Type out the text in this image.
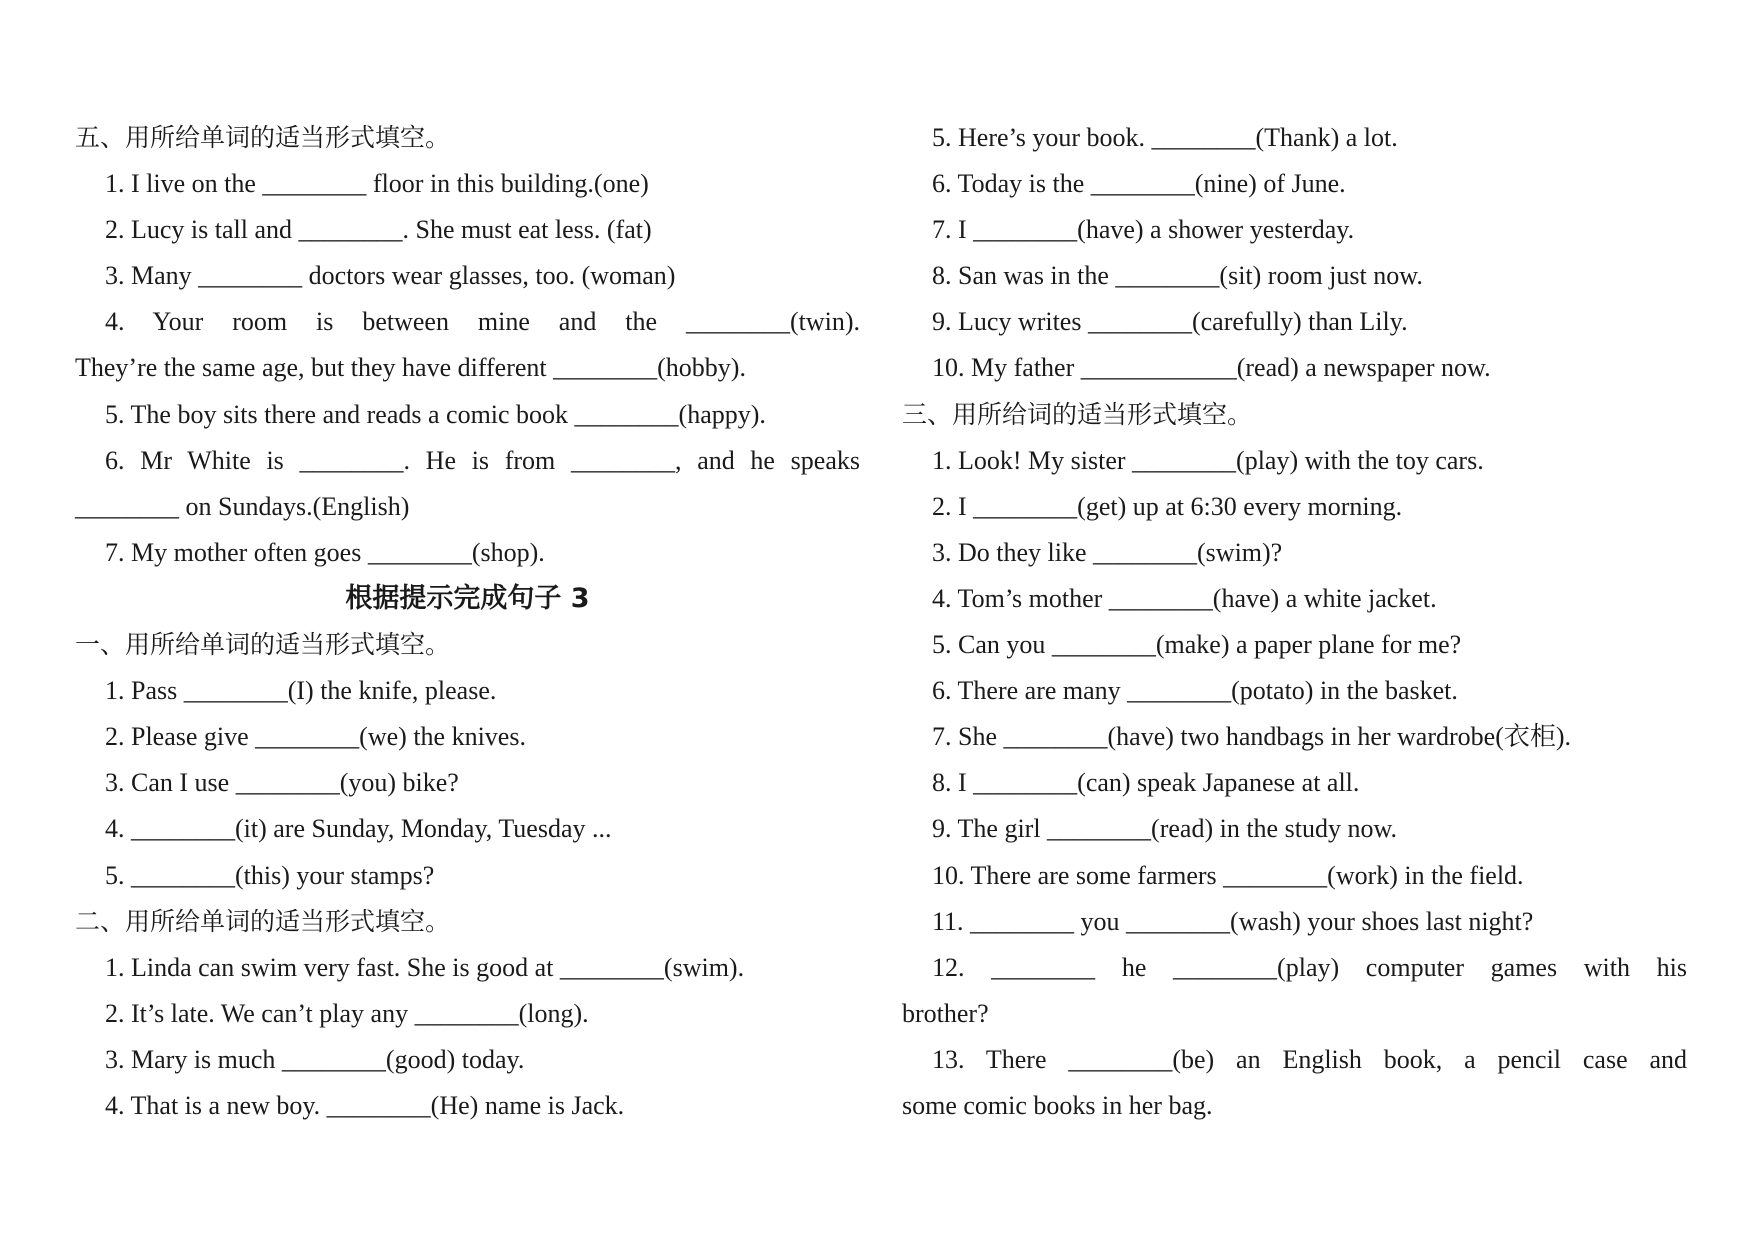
五、用所给单词的适当形式填空。
1. I live on the ________ floor in this building.(one)
2. Lucy is tall and ________. She must eat less. (fat)
3. Many ________ doctors wear glasses, too. (woman)
4. Your room is between mine and the ________(twin).
They’re the same age, but they have different ________(hobby).
5. The boy sits there and reads a comic book ________(happy).
6. Mr White is ________. He is from ________, and he speaks
________ on Sundays.(English)
7. My mother often goes ________(shop).
根据提示完成句子 3
一、用所给单词的适当形式填空。
1. Pass ________(I) the knife, please.
2. Please give ________(we) the knives.
3. Can I use ________(you) bike?
4. ________(it) are Sunday, Monday, Tuesday ...
5. ________(this) your stamps?
二、用所给单词的适当形式填空。
1. Linda can swim very fast. She is good at ________(swim).
2. It’s late. We can’t play any ________(long).
3. Mary is much ________(good) today.
4. That is a new boy. ________(He) name is Jack.
5. Here’s your book. ________(Thank) a lot.
6. Today is the ________(nine) of June.
7. I ________(have) a shower yesterday.
8. San was in the ________(sit) room just now.
9. Lucy writes ________(carefully) than Lily.
10. My father ____________(read) a newspaper now.
三、用所给词的适当形式填空。
1. Look! My sister ________(play) with the toy cars.
2. I ________(get) up at 6:30 every morning.
3. Do they like ________(swim)?
4. Tom’s mother ________(have) a white jacket.
5. Can you ________(make) a paper plane for me?
6. There are many ________(potato) in the basket.
7. She ________(have) two handbags in her wardrobe(衣柜).
8. I ________(can) speak Japanese at all.
9. The girl ________(read) in the study now.
10. There are some farmers ________(work) in the field.
11. ________ you ________(wash) your shoes last night?
12. ________ he ________(play) computer games with his
brother?
13. There ________(be) an English book, a pencil case and
some comic books in her bag.
